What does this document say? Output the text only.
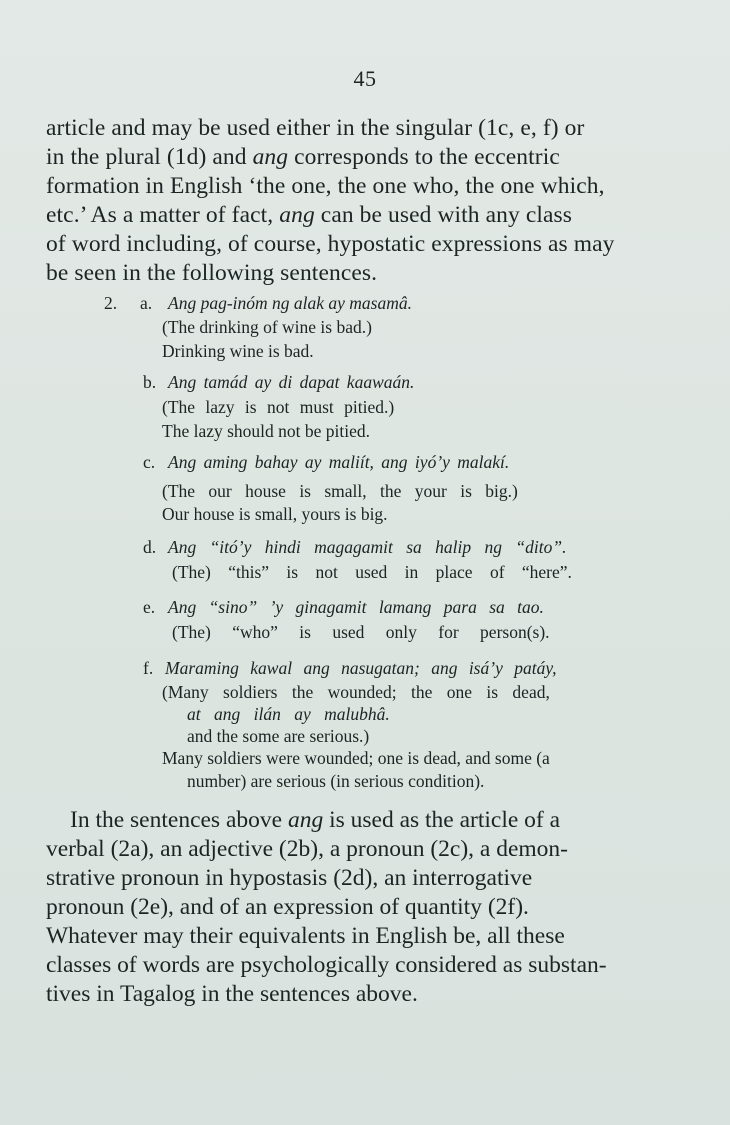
45
article and may be used either in the singular (1c, e, f) or
in the plural (1d) and ang corresponds to the eccentric
formation in English ‘the one, the one who, the one which,
etc.’ As a matter of fact, ang can be used with any class
of word including, of course, hypostatic expressions as may
be seen in the following sentences.
2. a. Ang pag-inóm ng alak ay masamâ.
(The drinking of wine is bad.)
Drinking wine is bad.
b. Ang tamád ay di dapat kaawaán.
(The lazy is not must pitied.)
The lazy should not be pitied.
c. Ang aming bahay ay maliít, ang iyó’y malakí.
(The our house is small, the your is big.)
Our house is small, yours is big.
d. Ang “itó’y hindi magagamit sa halip ng “dito”.
(The) “this” is not used in place of “here”.
e. Ang “sino” ’y ginagamit lamang para sa tao.
(The) “who” is used only for person(s).
f. Maraming kawal ang nasugatan; ang isá’y patáy,
(Many soldiers the wounded; the one is dead,
at ang ilán ay malubhâ.
and the some are serious.)
Many soldiers were wounded; one is dead, and some (a
number) are serious (in serious condition).
In the sentences above ang is used as the article of a
verbal (2a), an adjective (2b), a pronoun (2c), a demon-
strative pronoun in hypostasis (2d), an interrogative
pronoun (2e), and of an expression of quantity (2f).
Whatever may their equivalents in English be, all these
classes of words are psychologically considered as substan-
tives in Tagalog in the sentences above.
